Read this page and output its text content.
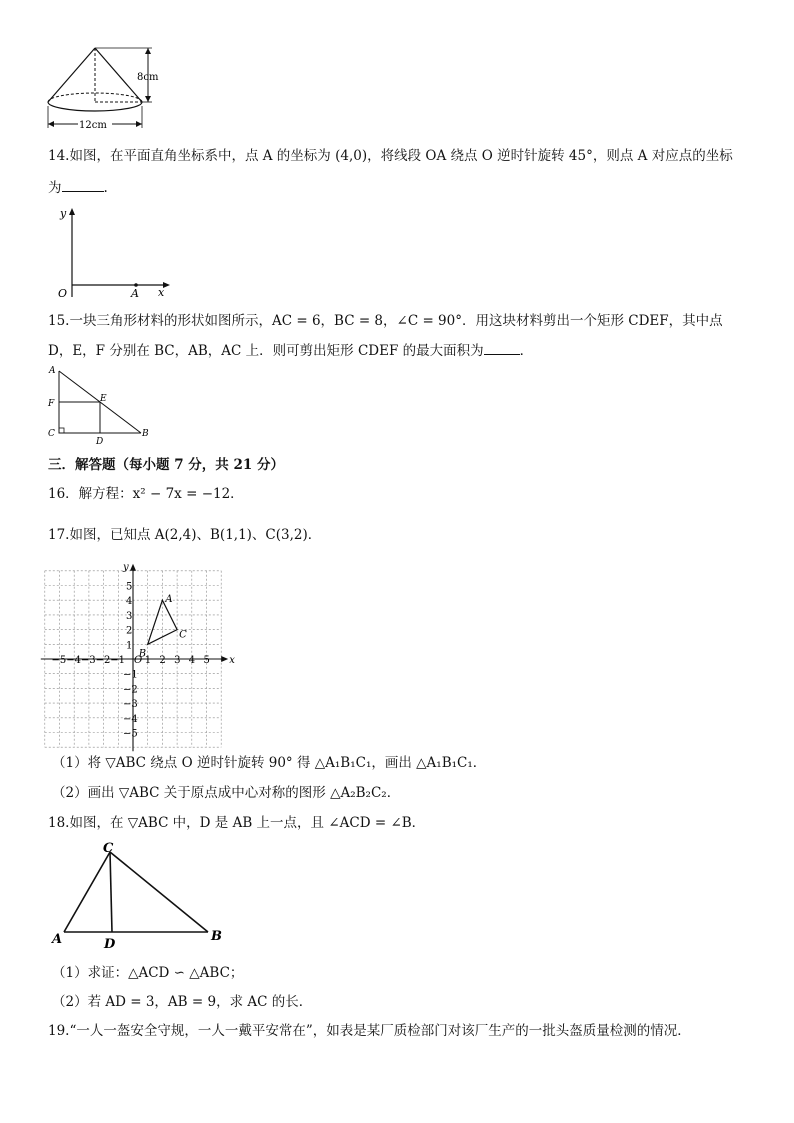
8cm
12cm
14.如图，在平面直角坐标系中，点 A 的坐标为 (4,0)，将线段 OA 绕点 O 逆时针旋转 45°，则点 A 对应点的坐标
为	.
y
x
O	A
15.一块三角形材料的形状如图所示，AC = 6，BC = 8，∠C = 90°．用这块材料剪出一个矩形 CDEF，其中点
D，E，F 分别在 BC，AB，AC 上．则可剪出矩形 CDEF 的最大面积为	．
A
F	E
C
D
B
三．解答题（每小题 7 分，共 21 分）
16．解方程：x² − 7x = −12．
17.如图，已知点 A(2,4)、B(1,1)、C(3,2)．
−5 −4 −3 −2 −1 1 2 3 4 5
5
4
3
2
1
−1
−2
−3
−4
−5
O	x
y
A
B
C
（1）将 ▽ABC 绕点 O 逆时针旋转 90° 得 △A₁B₁C₁，画出 △A₁B₁C₁．
（2）画出 ▽ABC 关于原点成中心对称的图形 △A₂B₂C₂．
18.如图，在 ▽ABC 中，D 是 AB 上一点，且 ∠ACD = ∠B．
C
A	D
B
（1）求证：△ACD ∽ △ABC；
（2）若 AD = 3，AB = 9，求 AC 的长．
19.“一人一盔安全守规，一人一戴平安常在”，如表是某厂质检部门对该厂生产的一批头盔质量检测的情况．
